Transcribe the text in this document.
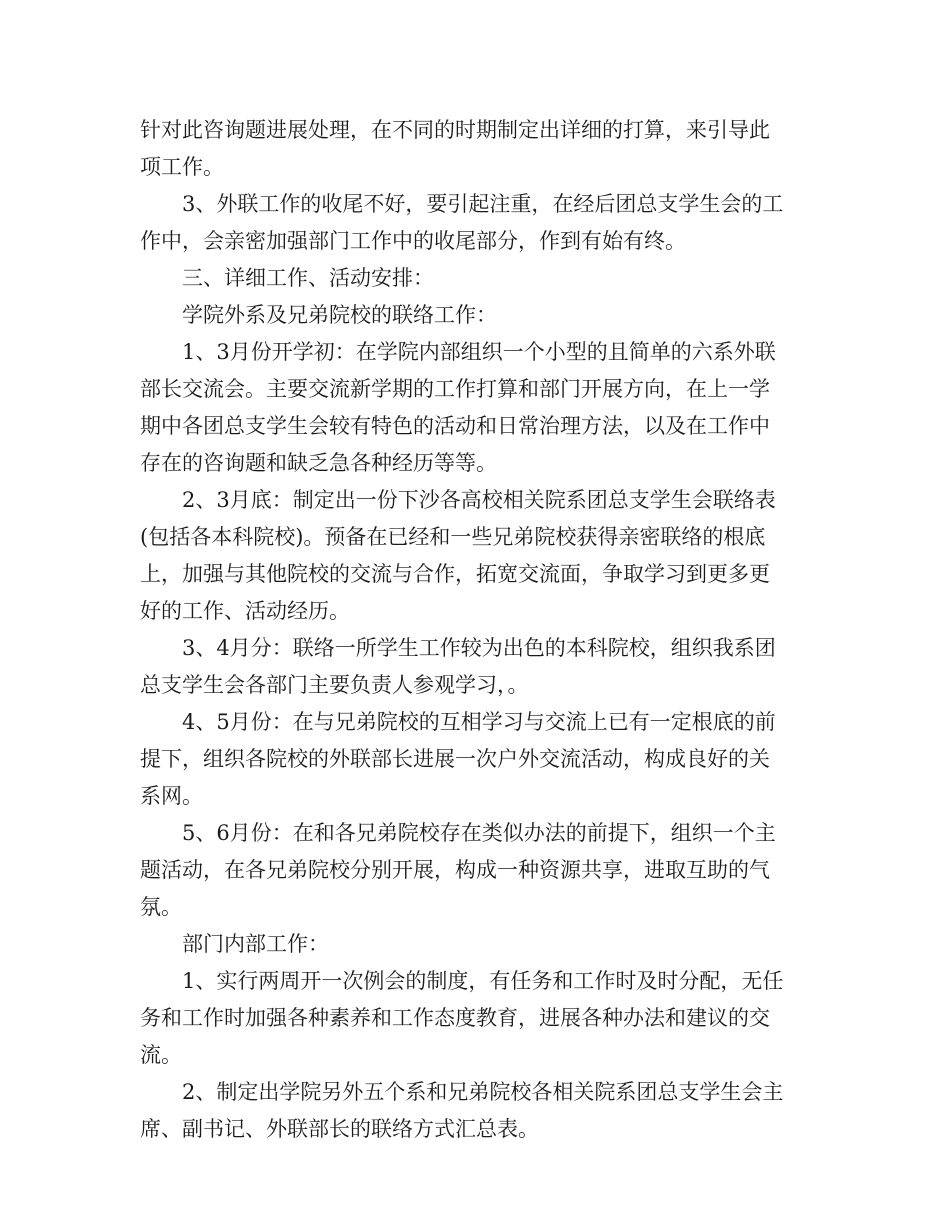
针对此咨询题进展处理，在不同的时期制定出详细的打算，来引导此
项工作。
3、外联工作的收尾不好，要引起注重，在经后团总支学生会的工
作中，会亲密加强部门工作中的收尾部分，作到有始有终。
三、详细工作、活动安排：
学院外系及兄弟院校的联络工作：
1、3月份开学初：在学院内部组织一个小型的且简单的六系外联
部长交流会。主要交流新学期的工作打算和部门开展方向，在上一学
期中各团总支学生会较有特色的活动和日常治理方法，以及在工作中
存在的咨询题和缺乏急各种经历等等。
2、3月底：制定出一份下沙各高校相关院系团总支学生会联络表
(包括各本科院校)。预备在已经和一些兄弟院校获得亲密联络的根底
上，加强与其他院校的交流与合作，拓宽交流面，争取学习到更多更
好的工作、活动经历。
3、4月分：联络一所学生工作较为出色的本科院校，组织我系团
总支学生会各部门主要负责人参观学习，。
4、5月份：在与兄弟院校的互相学习与交流上已有一定根底的前
提下，组织各院校的外联部长进展一次户外交流活动，构成良好的关
系网。
5、6月份：在和各兄弟院校存在类似办法的前提下，组织一个主
题活动，在各兄弟院校分别开展，构成一种资源共享，进取互助的气
氛。
部门内部工作：
1、实行两周开一次例会的制度，有任务和工作时及时分配，无任
务和工作时加强各种素养和工作态度教育，进展各种办法和建议的交
流。
2、制定出学院另外五个系和兄弟院校各相关院系团总支学生会主
席、副书记、外联部长的联络方式汇总表。
